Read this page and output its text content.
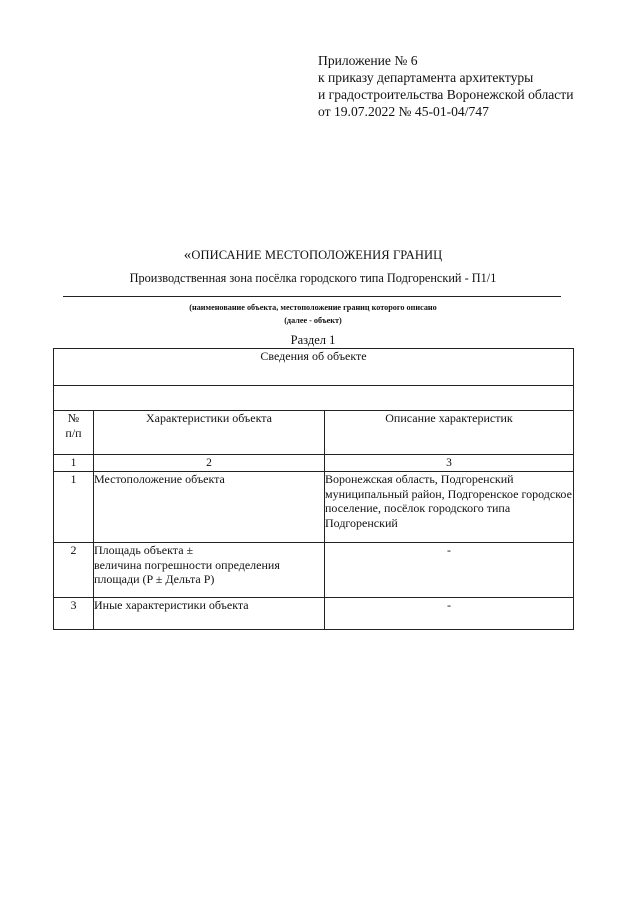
Приложение № 6
к приказу департамента архитектуры
и градостроительства Воронежской области
от 19.07.2022 № 45-01-04/747
«ОПИСАНИЕ МЕСТОПОЛОЖЕНИЯ ГРАНИЦ
Производственная зона посёлка городского типа Подгоренский - П1/1
(наименование объекта, местоположение границ которого описано
(далее - объект)
Раздел 1
Сведения об объекте		

№
п/п	Характеристики объекта	Описание характеристик
1	2	3
1	Местоположение объекта	Воронежская область, Подгоренский муниципальный район, Подгоренское городское поселение, посёлок городского типа Подгоренский
2	Площадь объекта ±
величина погрешности определения площади (P ± Дельта P)	-
3	Иные характеристики объекта	-
